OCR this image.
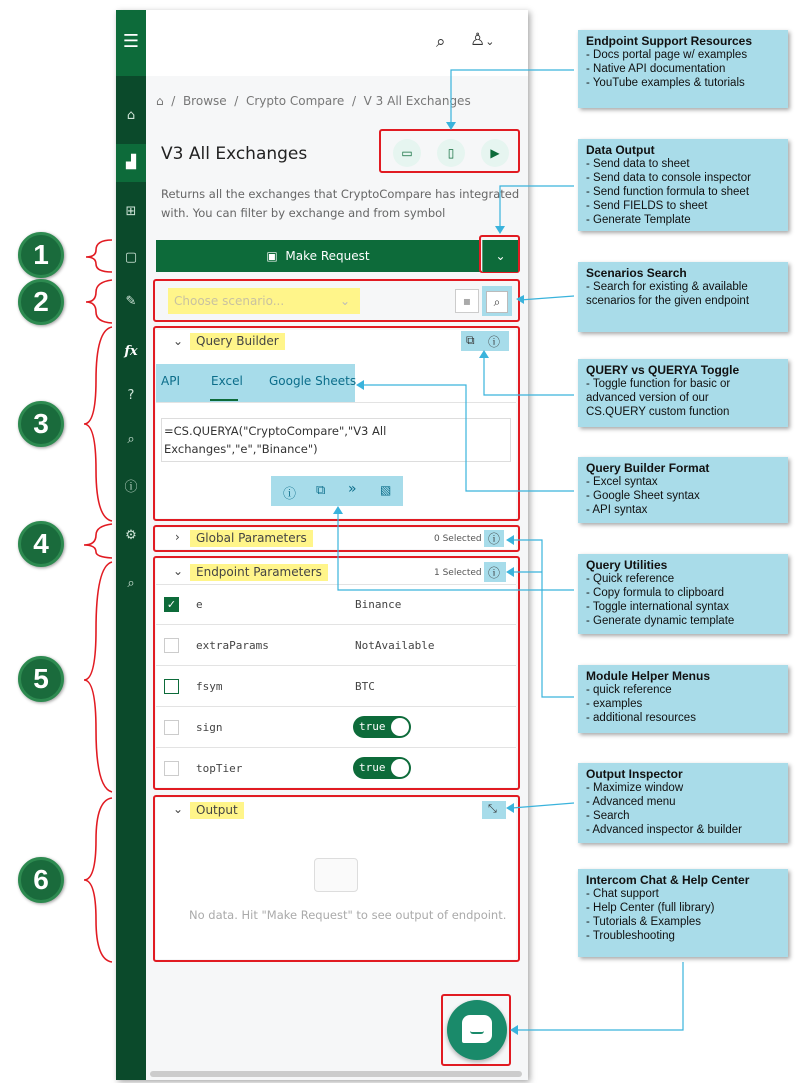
☰
⌂
▟
⊞
▢
✎
fx
?
⌕
ⓘ
⚙
⌕
⌕ ♙⌄
⌂ / Browse / Crypto Compare / V 3 All Exchanges
V3 All Exchanges	▭	▯	▶
Returns all the exchanges that CryptoCompare has integrated
with. You can filter by exchange and from symbol
▣ Make Request	⌄
Choose scenario...	⌄	▪	⌕
⌄	Query Builder	⧉ ⓘ
API	Excel Google Sheets
=CS.QUERYA("CryptoCompare","V3 All
Exchanges","e","Binance")
ⓘ ⧉ » ▧
›	Global Parameters	0 Selected ⓘ
⌄	Endpoint Parameters	1 Selected ⓘ
✓ e	Binance
extraParams	NotAvailable
fsym	BTC
sign	true
topTier	true
⌄	Output	⤡
No data. Hit "Make Request" to see output of endpoint.
1
2
3
4
5
6
Endpoint Support Resources
- Docs portal page w/ examples
- Native API documentation
- YouTube examples & tutorials
Data Output
- Send data to sheet
- Send data to console inspector
- Send function formula to sheet
- Send FIELDS to sheet
- Generate Template
Scenarios Search
- Search for existing & available
scenarios for the given endpoint
QUERY vs QUERYA Toggle
- Toggle function for basic or
advanced version of our
CS.QUERY custom function
Query Builder Format
- Excel syntax
- Google Sheet syntax
- API syntax
Query Utilities
- Quick reference
- Copy formula to clipboard
- Toggle international syntax
- Generate dynamic template
Module Helper Menus
- quick reference
- examples
- additional resources
Output Inspector
- Maximize window
- Advanced menu
- Search
- Advanced inspector & builder
Intercom Chat & Help Center
- Chat support
- Help Center (full library)
- Tutorials & Examples
- Troubleshooting
